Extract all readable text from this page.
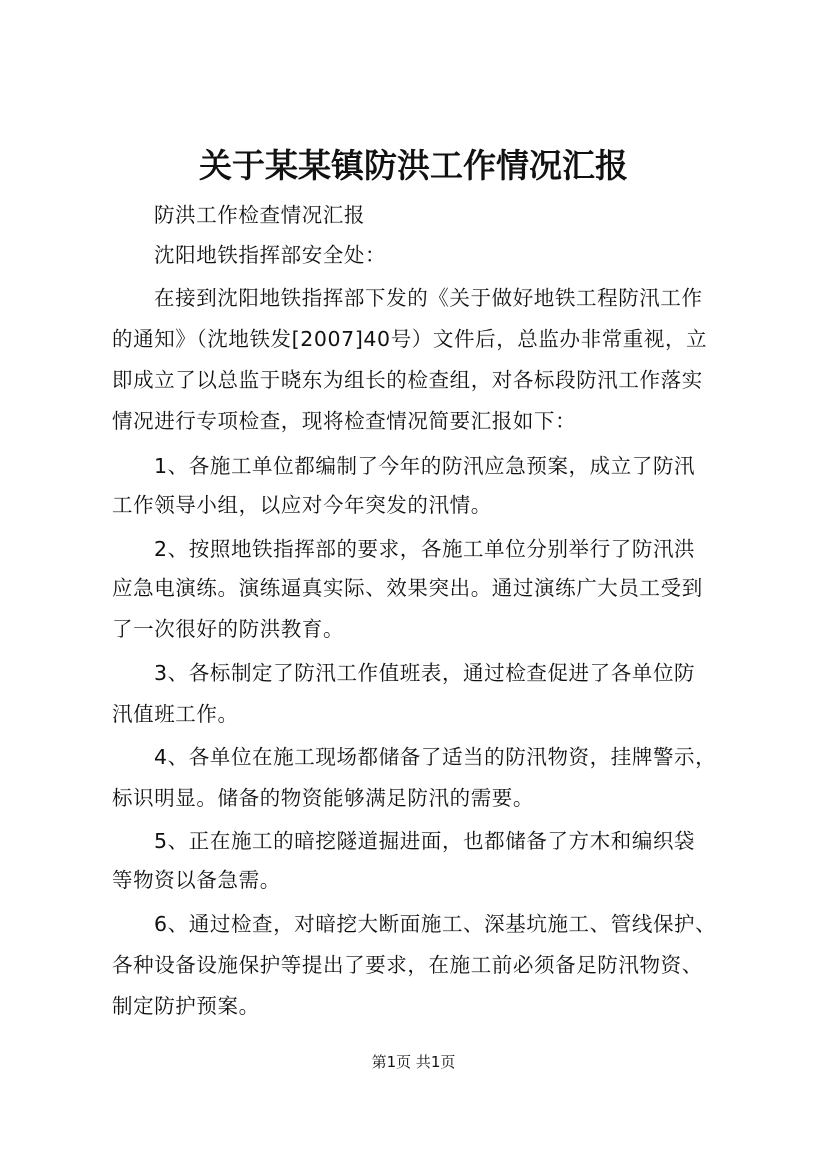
关于某某镇防洪工作情况汇报
防洪工作检查情况汇报
沈阳地铁指挥部安全处：
在接到沈阳地铁指挥部下发的《关于做好地铁工程防汛工作
的通知》（沈地铁发[2007]40号）文件后，总监办非常重视，立
即成立了以总监于晓东为组长的检查组，对各标段防汛工作落实
情况进行专项检查，现将检查情况简要汇报如下：
1、各施工单位都编制了今年的防汛应急预案，成立了防汛
工作领导小组，以应对今年突发的汛情。
2、按照地铁指挥部的要求，各施工单位分别举行了防汛洪
应急电演练。演练逼真实际、效果突出。通过演练广大员工受到
了一次很好的防洪教育。
3、各标制定了防汛工作值班表，通过检查促进了各单位防
汛值班工作。
4、各单位在施工现场都储备了适当的防汛物资，挂牌警示，
标识明显。储备的物资能够满足防汛的需要。
5、正在施工的暗挖隧道掘进面，也都储备了方木和编织袋
等物资以备急需。
6、通过检查，对暗挖大断面施工、深基坑施工、管线保护、
各种设备设施保护等提出了要求，在施工前必须备足防汛物资、
制定防护预案。
第1页 共1页
